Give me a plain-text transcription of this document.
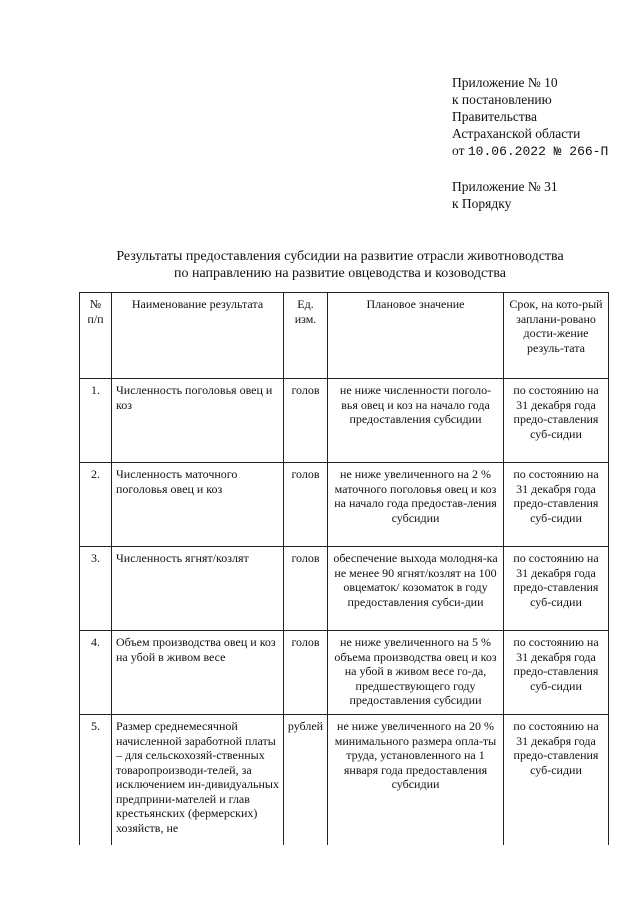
Приложение № 10
к постановлению
Правительства
Астраханской области
от 10.06.2022 № 266-П
Приложение № 31
к Порядку
Результаты предоставления субсидии на развитие отрасли животноводства
по направлению на развитие овцеводства и козоводства
№ п/п	Наименование результата	Ед. изм.	Плановое значение	Срок, на кото-рый заплани-ровано дости-жение резуль-тата
1.	Численность поголовья овец и коз	голов	не ниже численности поголо-вья овец и коз на начало года предоставления субсидии	по состоянию на 31 декабря года предо-ставления суб-сидии
2.	Численность маточного поголовья овец и коз	голов	не ниже увеличенного на 2 % маточного поголовья овец и коз на начало года предостав-ления субсидии	по состоянию на 31 декабря года предо-ставления суб-сидии
3.	Численность ягнят/козлят	голов	обеспечение выхода молодня-ка не менее 90 ягнят/козлят на 100 овцематок/ козоматок в году предоставления субси-дии	по состоянию на 31 декабря года предо-ставления суб-сидии
4.	Объем производства овец и коз на убой в живом весе	голов	не ниже увеличенного на 5 % объема производства овец и коз на убой в живом весе го-да, предшествующего году предоставления субсидии	по состоянию на 31 декабря года предо-ставления суб-сидии
5.	Размер среднемесячной начисленной заработной платы – для сельскохозяй-ственных товаропроизводи-телей, за исключением ин-дивидуальных предприни-мателей и глав крестьянских (фермерских) хозяйств, не	рублей	не ниже увеличенного на 20 % минимального размера опла-ты труда, установленного на 1 января года предоставления субсидии	по состоянию на 31 декабря года предо-ставления суб-сидии
